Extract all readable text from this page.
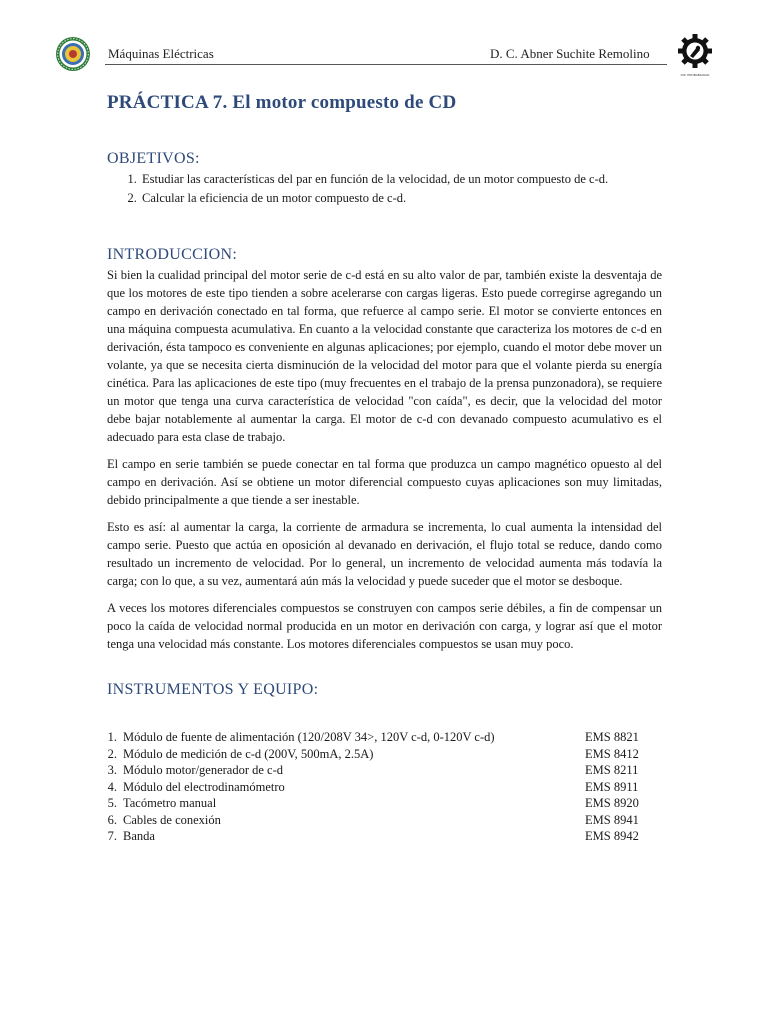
Máquinas Eléctricas	D. C. Abner Suchite Remolino
DIS. PROBABILIDAD
PRÁCTICA 7. El motor compuesto de CD
OBJETIVOS:
1. Estudiar las características del par en función de la velocidad, de un motor compuesto de c-d.
2. Calcular la eficiencia de un motor compuesto de c-d.
INTRODUCCION:

Si bien la cualidad principal del motor serie de c-d está en su alto valor de par, también existe la desventaja de que los motores de este tipo tienden a sobre acelerarse con cargas ligeras. Esto puede corregirse agregando un campo en derivación conectado en tal forma, que refuerce al campo serie. El motor se convierte entonces en una máquina compuesta acumulativa. En cuanto a la velocidad constante que caracteriza los motores de c-d en derivación, ésta tampoco es conveniente en algunas aplicaciones; por ejemplo, cuando el motor debe mover un volante, ya que se necesita cierta disminución de la velocidad del motor para que el volante pierda su energía cinética. Para las aplicaciones de este tipo (muy frecuentes en el trabajo de la prensa punzonadora), se requiere un motor que tenga una curva característica de velocidad "con caída", es decir, que la velocidad del motor debe bajar notablemente al aumentar la carga. El motor de c-d con devanado compuesto acumulativo es el adecuado para esta clase de trabajo.

El campo en serie también se puede conectar en tal forma que produzca un campo magnético opuesto al del campo en derivación. Así se obtiene un motor diferencial compuesto cuyas aplicaciones son muy limitadas, debido principalmente a que tiende a ser inestable.

Esto es así: al aumentar la carga, la corriente de armadura se incrementa, lo cual aumenta la intensidad del campo serie. Puesto que actúa en oposición al devanado en derivación, el flujo total se reduce, dando como resultado un incremento de velocidad. Por lo general, un incremento de velocidad aumenta más todavía la carga; con lo que, a su vez, aumentará aún más la velocidad y puede suceder que el motor se desboque.

A veces los motores diferenciales compuestos se construyen con campos serie débiles, a fin de compensar un poco la caída de velocidad normal producida en un motor en derivación con carga, y lograr así que el motor tenga una velocidad más constante. Los motores diferenciales compuestos se usan muy poco.

INSTRUMENTOS Y EQUIPO:
1. Módulo de fuente de alimentación (120/208V 34>, 120V c-d, 0-120V c-d)	EMS 8821
2. Módulo de medición de c-d (200V, 500mA, 2.5A)	EMS 8412
3. Módulo motor/generador de c-d	EMS 8211
4. Módulo del electrodinamómetro	EMS 8911
5. Tacómetro manual	EMS 8920
6. Cables de conexión	EMS 8941
7. Banda	EMS 8942
